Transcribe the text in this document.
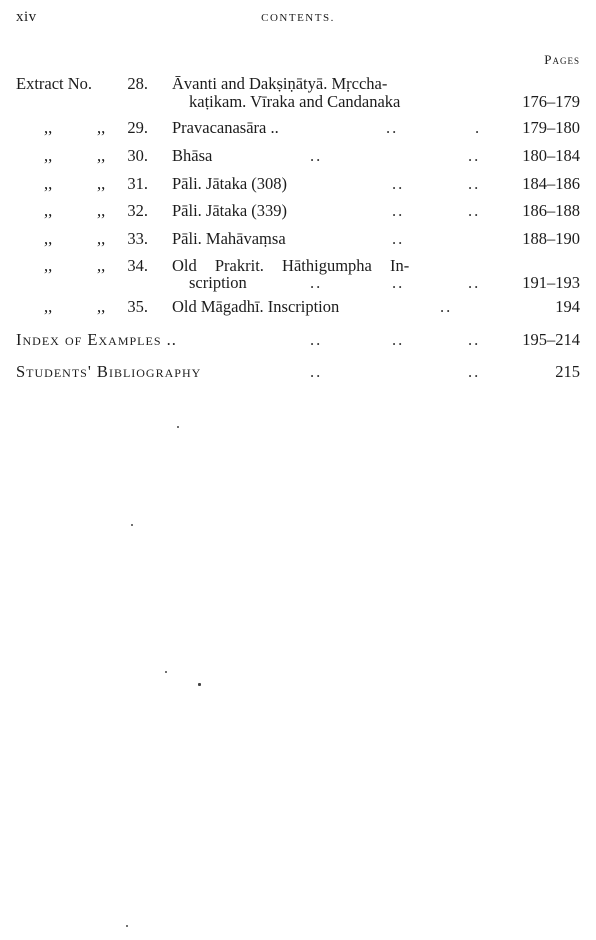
xiv	CONTENTS.
Pages
Extract No. 28. Āvanti and Dakṣiṇātyā. Mṛccha-
kaṭikam. Vīraka and Candanaka	176–179
,,	,, 29. Pravacanasāra ..	..	. 179–180
,,	,, 30. Bhāsa	..	..	180–184
,,	,, 31. Pāli. Jātaka (308)	..	..	184–186
,,	,, 32. Pāli. Jātaka (339)	..	..	186–188
,,	,, 33. Pāli. Mahāvaṃsa	..	188–190
,,	,, 34. Old Prakrit. Hāthigumpha In-
scription	..	..	..	191–193
,,	,, 35. Old Māgadhī. Inscription	..	194
Index of Examples ..	..	..	..	195–214
Students' Bibliography	..	..	215
